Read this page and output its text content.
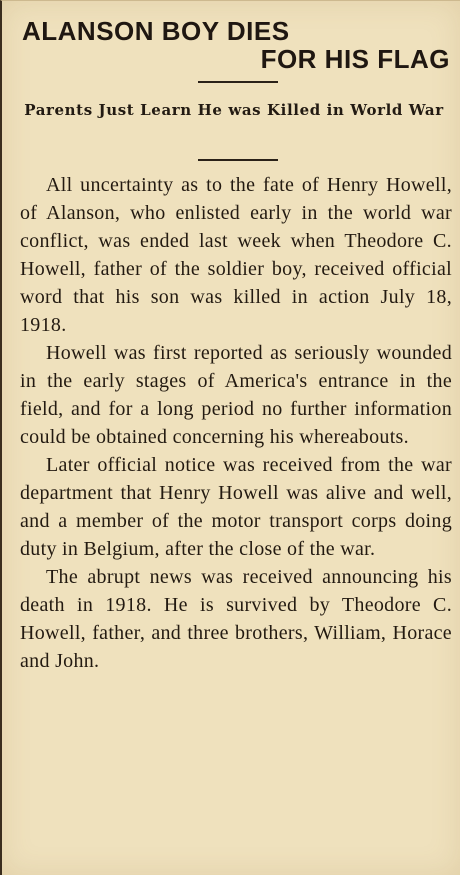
ALANSON BOY DIES
FOR HIS FLAG
Parents Just Learn He was Killed in World War

All uncertainty as to the fate of Henry Howell, of Alanson, who enlisted early in the world war conflict, was ended last week when Theodore C. Howell, father of the soldier boy, received official word that his son was killed in action July 18, 1918.

Howell was first reported as seriously wounded in the early stages of America's entrance in the field, and for a long period no further information could be obtained concerning his whereabouts.

Later official notice was received from the war department that Henry Howell was alive and well, and a member of the motor transport corps doing duty in Belgium, after the close of the war.

The abrupt news was received announcing his death in 1918. He is survived by Theodore C. Howell, father, and three brothers, William, Horace and John.
